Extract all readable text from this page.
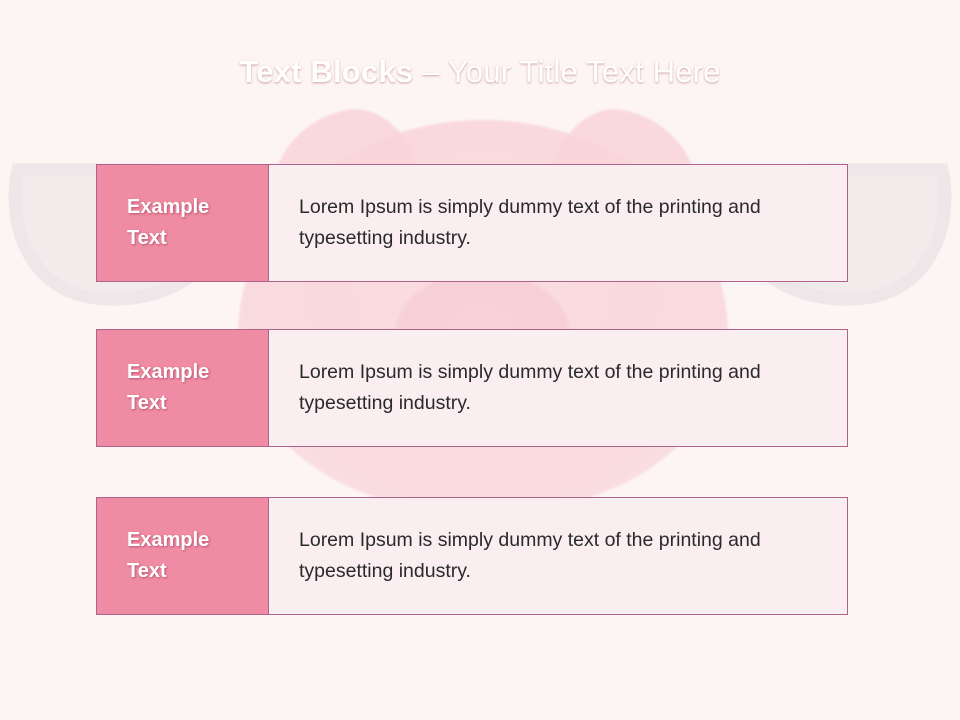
Text Blocks – Your Title Text Here
Example
Text

Lorem Ipsum is simply dummy text of the printing and typesetting industry.

Example
Text

Lorem Ipsum is simply dummy text of the printing and typesetting industry.

Example
Text

Lorem Ipsum is simply dummy text of the printing and typesetting industry.
